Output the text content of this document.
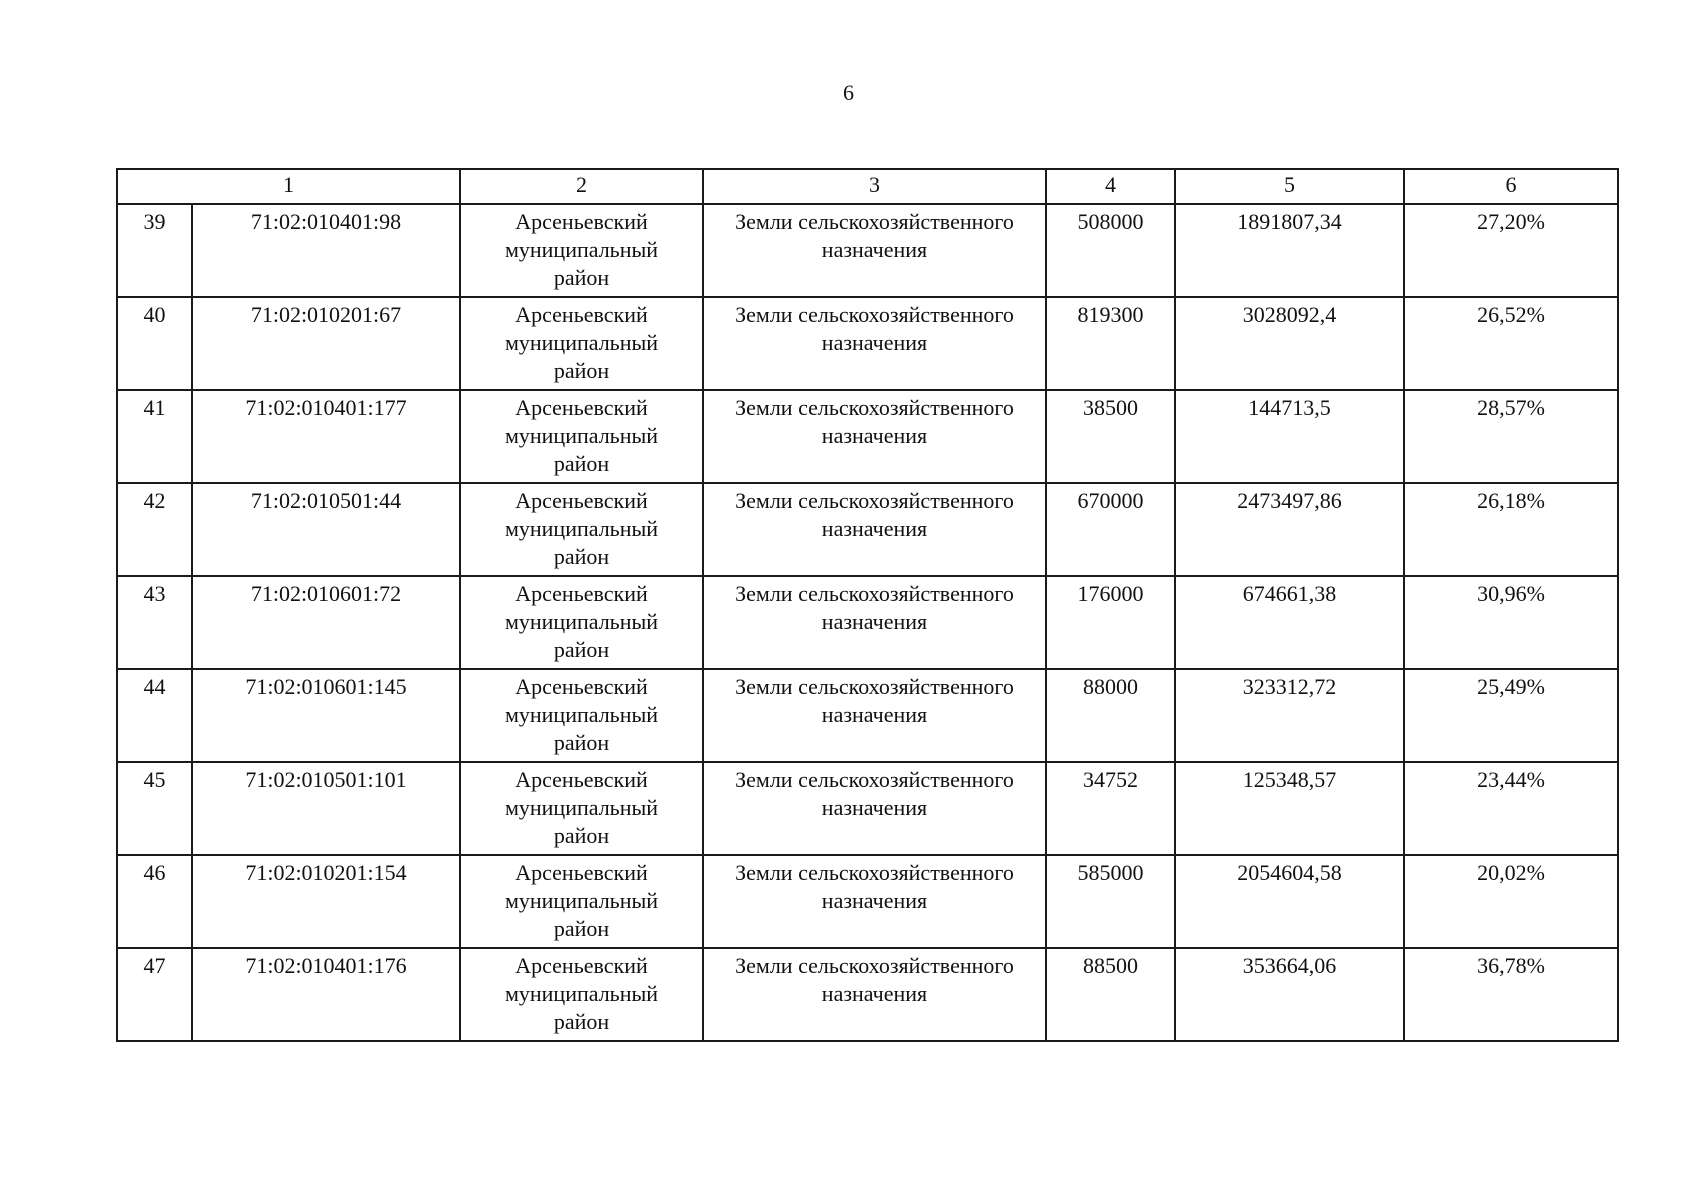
6
1		2	3	4	5	6

39	71:02:010401:98	Арсеньевский
муниципальный
район	Земли сельскохозяйственного
назначения	508000	1891807,34	27,20%

40	71:02:010201:67	Арсеньевский
муниципальный
район	Земли сельскохозяйственного
назначения	819300	3028092,4	26,52%

41	71:02:010401:177	Арсеньевский
муниципальный
район	Земли сельскохозяйственного
назначения	38500	144713,5	28,57%

42	71:02:010501:44	Арсеньевский
муниципальный
район	Земли сельскохозяйственного
назначения	670000	2473497,86	26,18%

43	71:02:010601:72	Арсеньевский
муниципальный
район	Земли сельскохозяйственного
назначения	176000	674661,38	30,96%

44	71:02:010601:145	Арсеньевский
муниципальный
район	Земли сельскохозяйственного
назначения	88000	323312,72	25,49%

45	71:02:010501:101	Арсеньевский
муниципальный
район	Земли сельскохозяйственного
назначения	34752	125348,57	23,44%

46	71:02:010201:154	Арсеньевский
муниципальный
район	Земли сельскохозяйственного
назначения	585000	2054604,58	20,02%

47	71:02:010401:176	Арсеньевский
муниципальный
район	Земли сельскохозяйственного
назначения	88500	353664,06	36,78%
